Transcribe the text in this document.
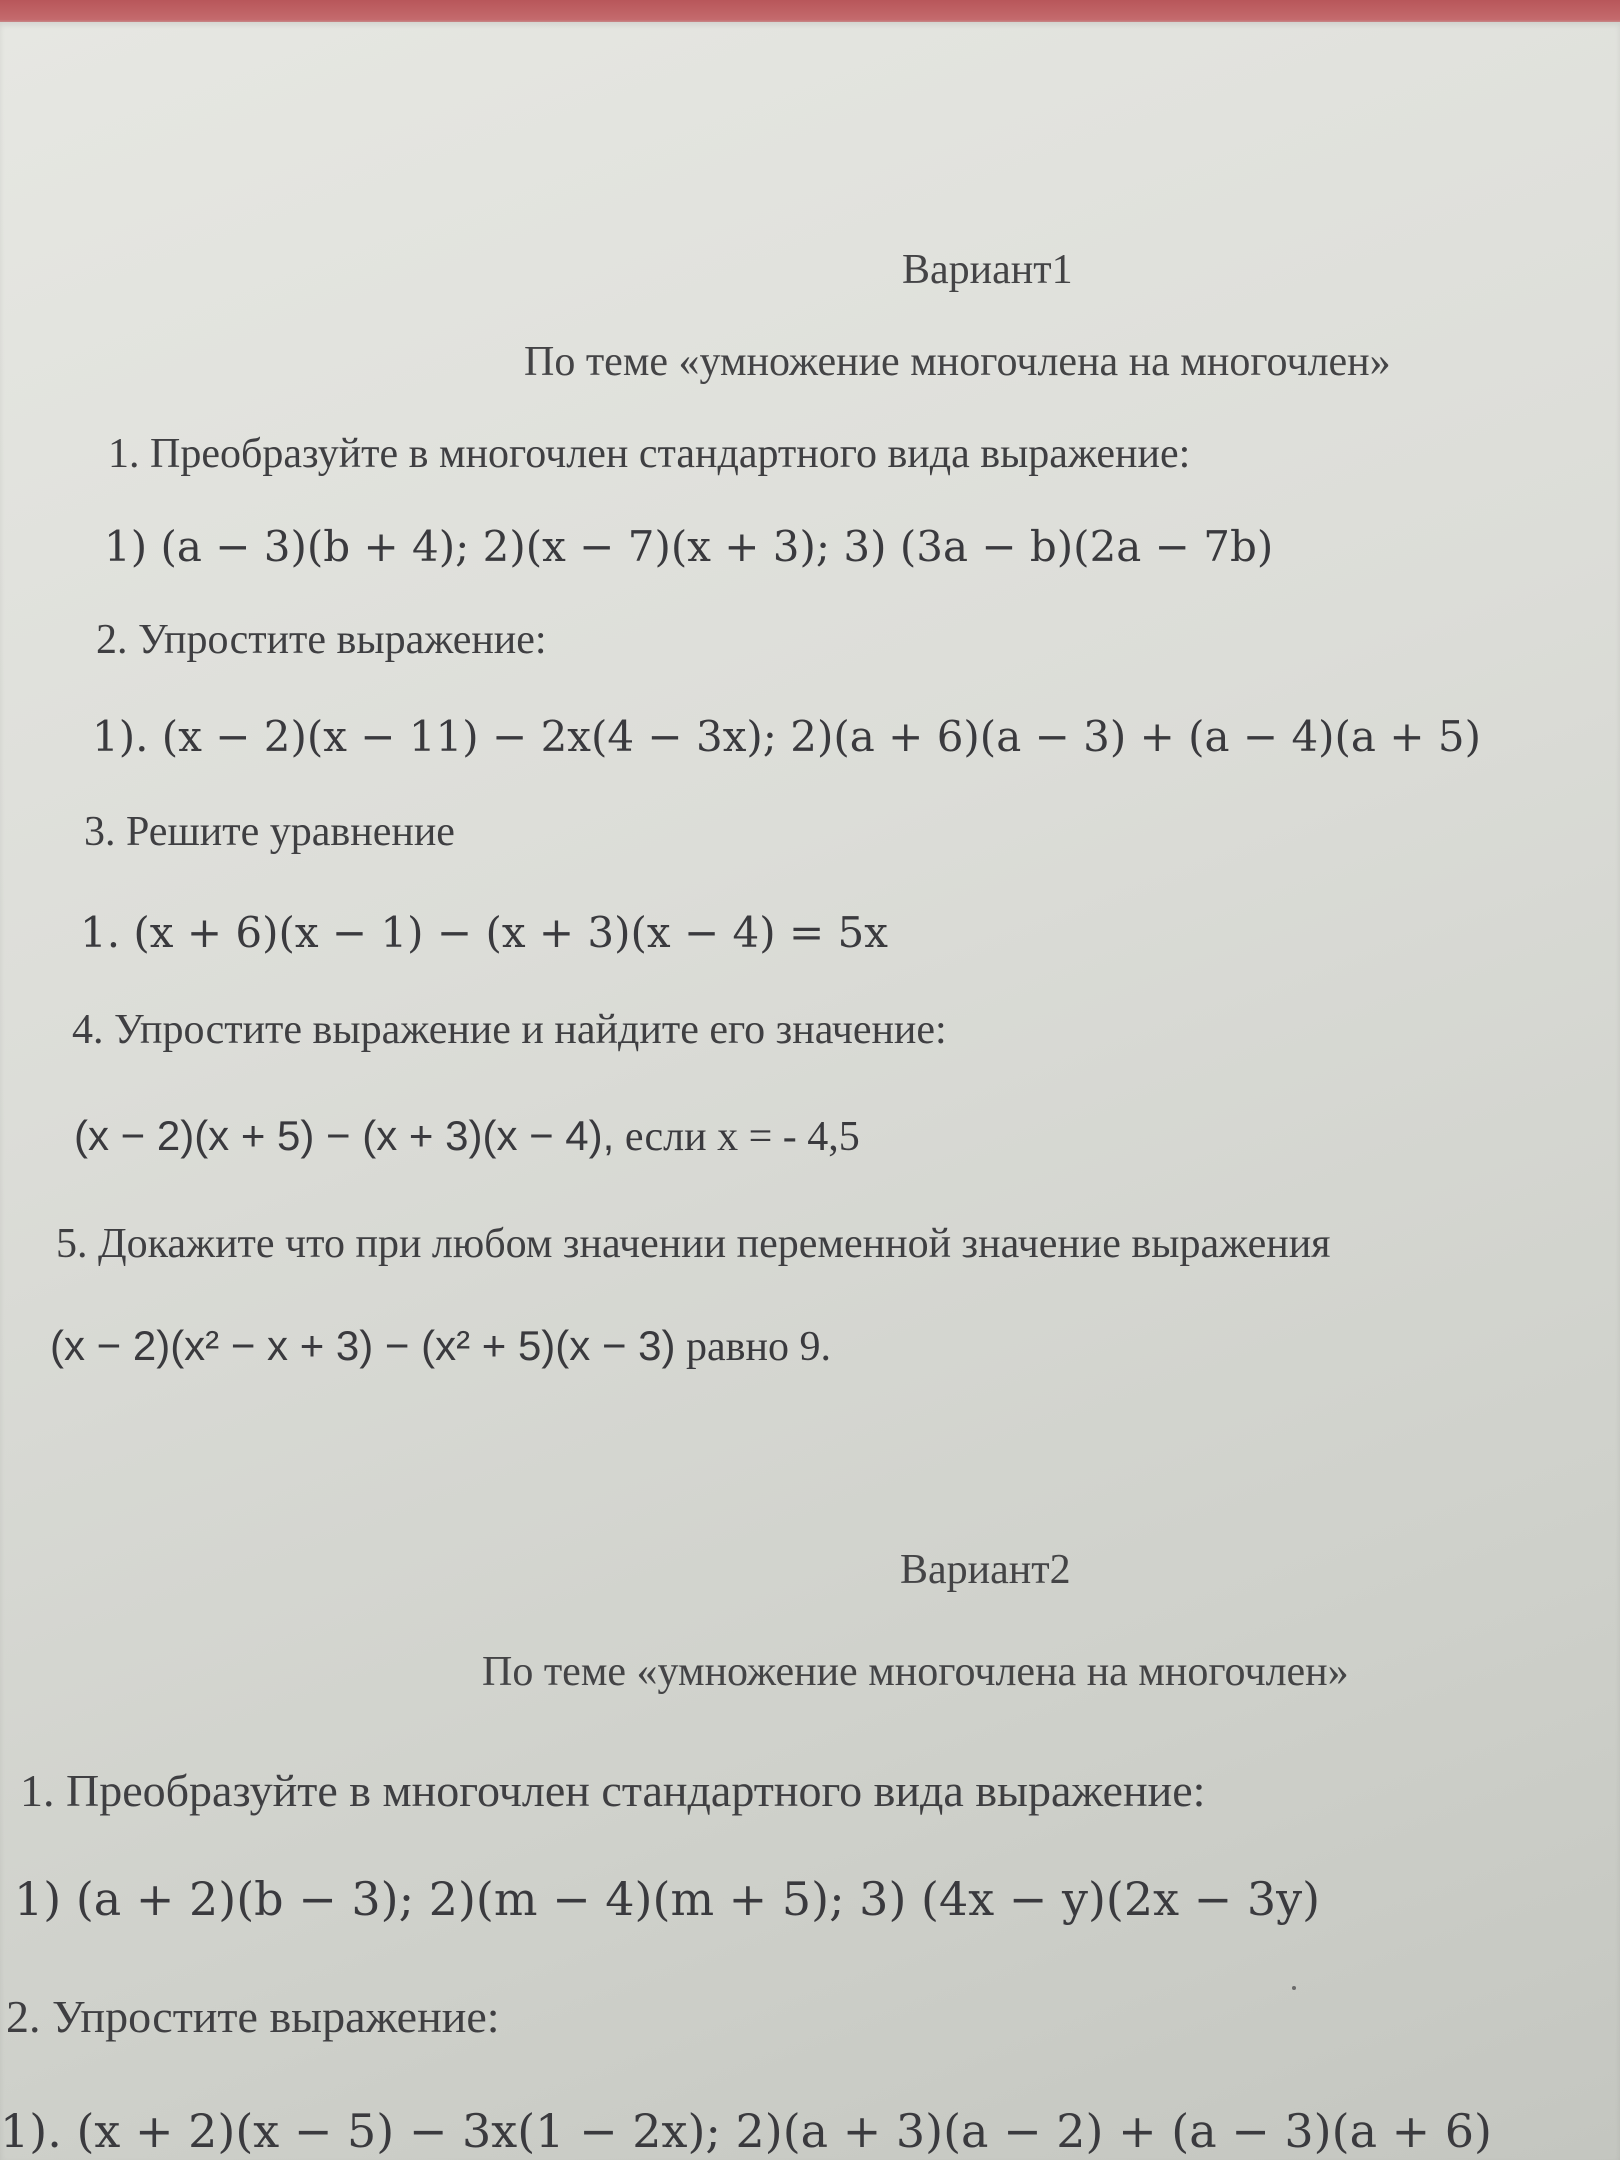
Вариант1
По теме «умножение многочлена на многочлен»
1. Преобразуйте в многочлен стандартного вида выражение:
1) (a − 3)(b + 4); 2)(x − 7)(x + 3); 3) (3a − b)(2a − 7b)
2. Упростите выражение:
1). (x − 2)(x − 11) − 2x(4 − 3x); 2)(a + 6)(a − 3) + (a − 4)(a + 5)
3. Решите уравнение
1. (x + 6)(x − 1) − (x + 3)(x − 4) = 5x
4. Упростите выражение и найдите его значение:
(x − 2)(x + 5) − (x + 3)(x − 4), если x = - 4,5
5. Докажите что при любом значении переменной значение выражения
(x − 2)(x² − x + 3) − (x² + 5)(x − 3) равно 9.
Вариант2
По теме «умножение многочлена на многочлен»
1. Преобразуйте в многочлен стандартного вида выражение:
1) (a + 2)(b − 3); 2)(m − 4)(m + 5); 3) (4x − y)(2x − 3y)
2. Упростите выражение:
1). (x + 2)(x − 5) − 3x(1 − 2x); 2)(a + 3)(a − 2) + (a − 3)(a + 6)
